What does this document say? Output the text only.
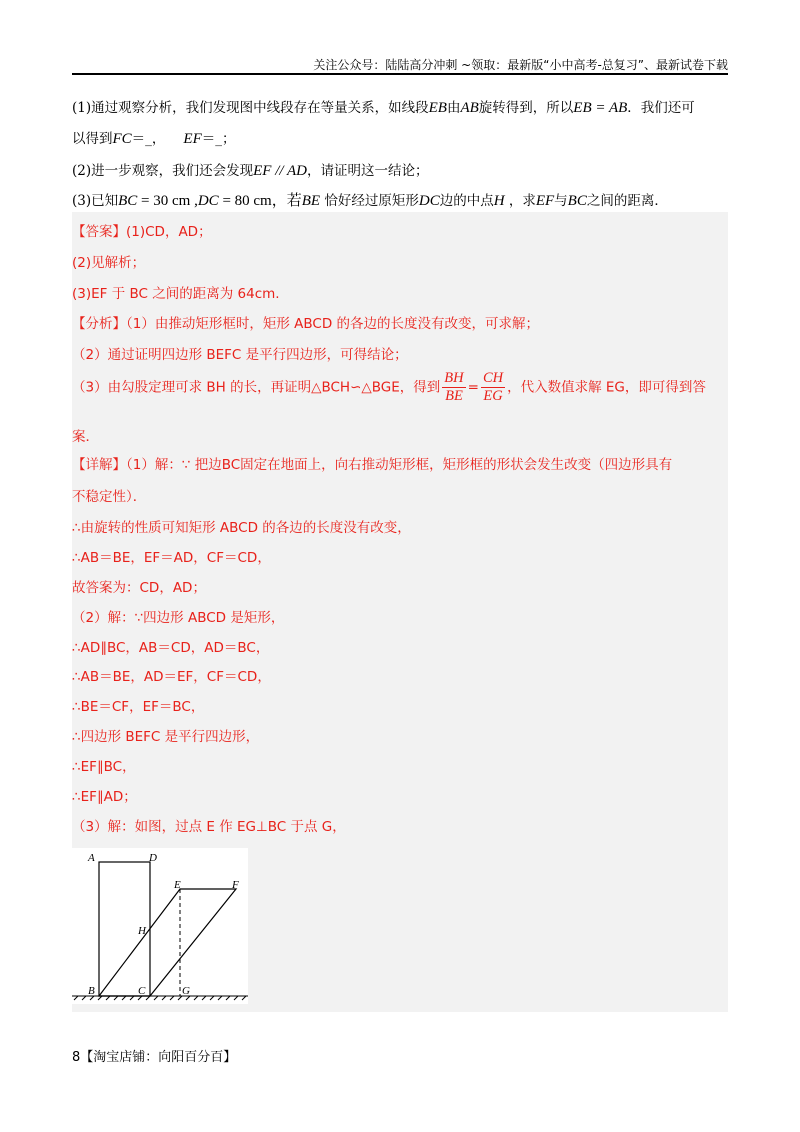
关注公众号：陆陆高分冲刺 ~领取：最新版“小中高考-总复习”、最新试卷下载
(1)通过观察分析，我们发现图中线段存在等量关系，如线段EB由AB旋转得到，所以EB = AB．我们还可
以得到FC＝_， EF＝_；
(2)进一步观察，我们还会发现EF // AD，请证明这一结论；
(3)已知BC = 30 cm ,DC = 80 cm，若BE 恰好经过原矩形DC边的中点H ，求EF与BC之间的距离．
【答案】(1)CD，AD；
(2)见解析；
(3)EF 于 BC 之间的距离为 64cm.
【分析】（1）由推动矩形框时，矩形 ABCD 的各边的长度没有改变，可求解；
（2）通过证明四边形 BEFC 是平行四边形，可得结论；
（3）由勾股定理可求 BH 的长，再证明△BCH∽△BGE，得到 $\frac{BH}{BE} = \frac{CH}{EG}$ ，代入数值求解 EG，即可得到答
案．
【详解】（1）解：∵ 把边BC固定在地面上，向右推动矩形框，矩形框的形状会发生改变（四边形具有
不稳定性）．
∴由旋转的性质可知矩形 ABCD 的各边的长度没有改变，
∴AB＝BE，EF＝AD，CF＝CD，
故答案为：CD，AD；
（2）解：∵四边形 ABCD 是矩形，
∴AD∥BC，AB＝CD，AD＝BC，
∴AB＝BE，AD＝EF，CF＝CD，
∴BE＝CF，EF＝BC，
∴四边形 BEFC 是平行四边形，
∴EF∥BC，
∴EF∥AD；
（3）解：如图，过点 E 作 EG⊥BC 于点 G，
A	D
E	F
H
B	C	G
8【淘宝店铺：向阳百分百】
